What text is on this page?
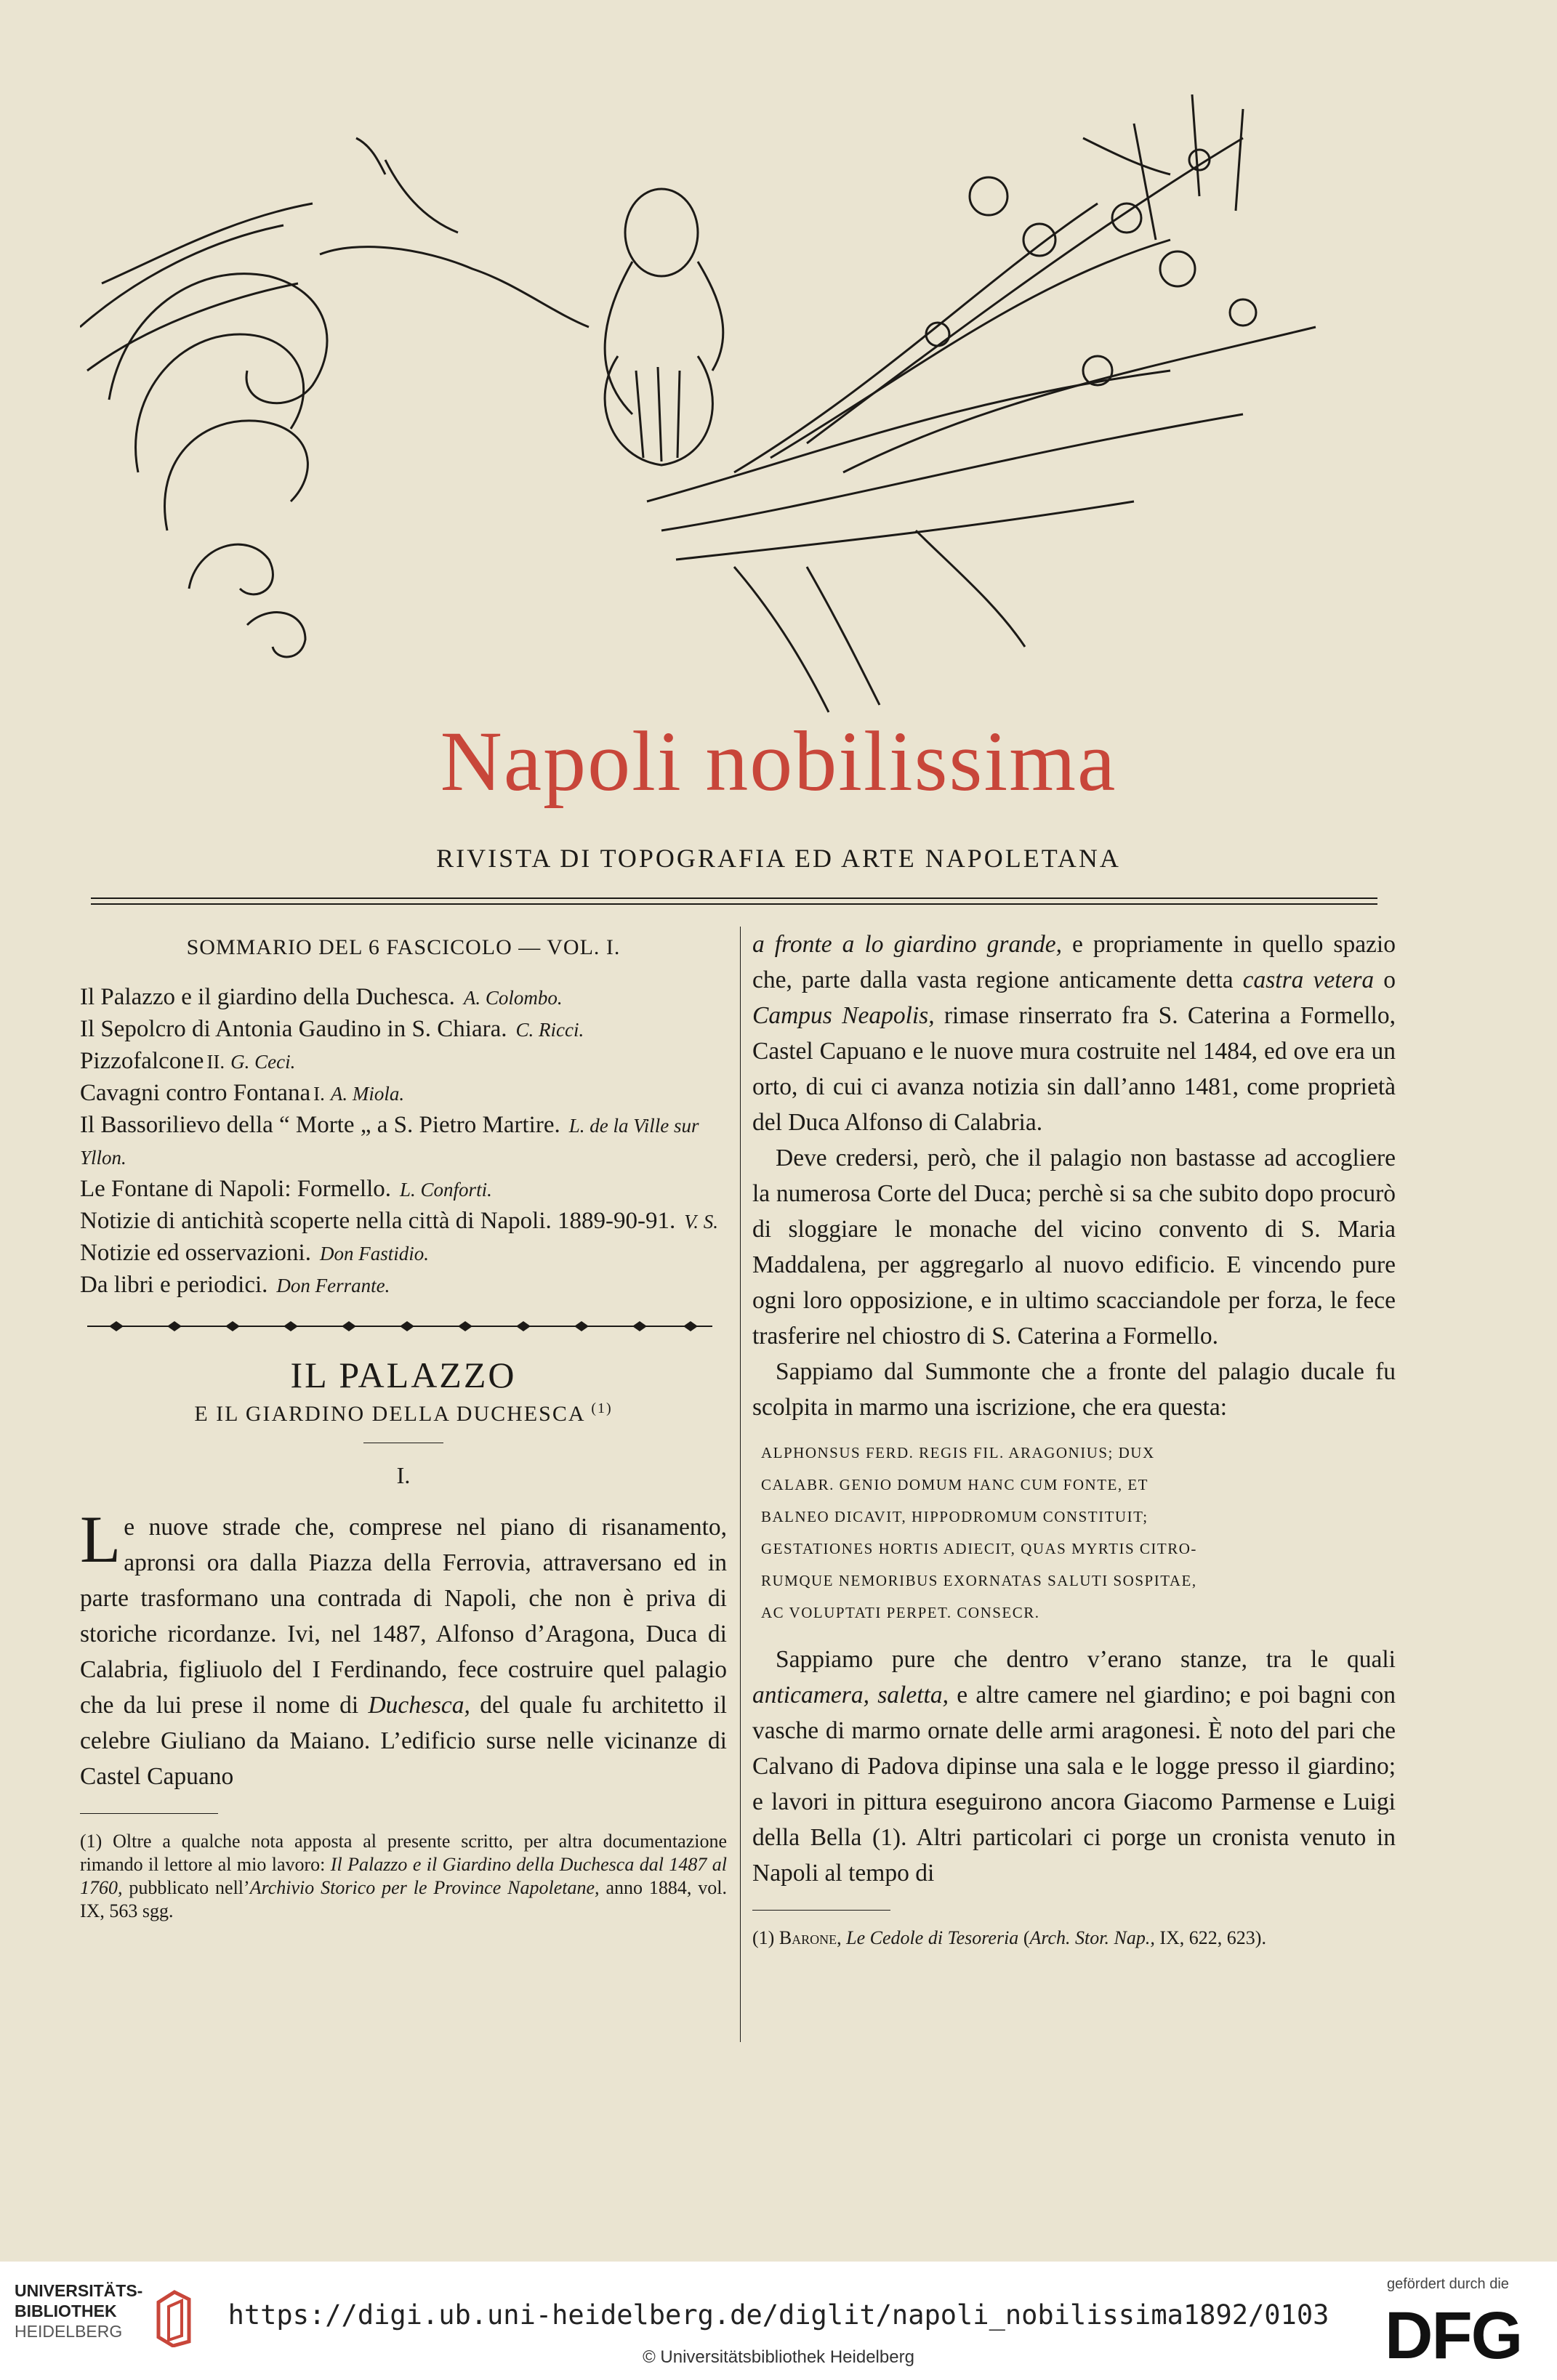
Napoli nobilissima
RIVISTA DI TOPOGRAFIA ED ARTE NAPOLETANA
SOMMARIO DEL 6 FASCICOLO — VOL. I.
Il Palazzo e il giardino della Duchesca. A. Colombo.
Il Sepolcro di Antonia Gaudino in S. Chiara. C. Ricci.
Pizzofalcone II. G. Ceci.
Cavagni contro Fontana I. A. Miola.
Il Bassorilievo della “ Morte „ a S. Pietro Martire. L. de la Ville sur Yllon.
Le Fontane di Napoli: Formello. L. Conforti.
Notizie di antichità scoperte nella città di Napoli. 1889-90-91. V. S.
Notizie ed osservazioni. Don Fastidio.
Da libri e periodici. Don Ferrante.
IL PALAZZO
E IL GIARDINO DELLA DUCHESCA $^{(1)}$
I.

Le nuove strade che, comprese nel piano di risanamento, apronsi ora dalla Piazza della Ferrovia, attraversano ed in parte trasformano una contrada di Napoli, che non è priva di storiche ricordanze. Ivi, nel 1487, Alfonso d’Aragona, Duca di Calabria, figliuolo del I Ferdinando, fece costruire quel palagio che da lui prese il nome di Duchesca, del quale fu architetto il celebre Giuliano da Maiano. L’edificio surse nelle vicinanze di Castel Capuano

(1) Oltre a qualche nota apposta al presente scritto, per altra documentazione rimando il lettore al mio lavoro: Il Palazzo e il Giardino della Duchesca dal 1487 al 1760, pubblicato nell’Archivio Storico per le Province Napoletane, anno 1884, vol. IX, 563 sgg.

a fronte a lo giardino grande, e propriamente in quello spazio che, parte dalla vasta regione anticamente detta castra vetera o Campus Neapolis, rimase rinserrato fra S. Caterina a Formello, Castel Capuano e le nuove mura costruite nel 1484, ed ove era un orto, di cui ci avanza notizia sin dall’anno 1481, come proprietà del Duca Alfonso di Calabria.

Deve credersi, però, che il palagio non bastasse ad accogliere la numerosa Corte del Duca; perchè si sa che subito dopo procurò di sloggiare le monache del vicino convento di S. Maria Maddalena, per aggregarlo al nuovo edificio. E vincendo pure ogni loro opposizione, e in ultimo scacciandole per forza, le fece trasferire nel chiostro di S. Caterina a Formello.

Sappiamo dal Summonte che a fronte del palagio ducale fu scolpita in marmo una iscrizione, che era questa:

ALPHONSUS FERD. REGIS FIL. ARAGONIUS; DUX
CALABR. GENIO DOMUM HANC CUM FONTE, ET
BALNEO DICAVIT, HIPPODROMUM CONSTITUIT;
GESTATIONES HORTIS ADIECIT, QUAS MYRTIS CITRO-
RUMQUE NEMORIBUS EXORNATAS SALUTI SOSPITAE,
AC VOLUPTATI PERPET. CONSECR.

Sappiamo pure che dentro v’erano stanze, tra le quali anticamera, saletta, e altre camere nel giardino; e poi bagni con vasche di marmo ornate delle armi aragonesi. È noto del pari che Calvano di Padova dipinse una sala e le logge presso il giardino; e lavori in pittura eseguirono ancora Giacomo Parmense e Luigi della Bella (1). Altri particolari ci porge un cronista venuto in Napoli al tempo di

(1) Barone, Le Cedole di Tesoreria (Arch. Stor. Nap., IX, 622, 623).

UNIVERSITÄTS-
BIBLIOTHEK
HEIDELBERG
https://digi.ub.uni-heidelberg.de/diglit/napoli_nobilissima1892/0103
© Universitätsbibliothek Heidelberg
gefördert durch die
DFG
